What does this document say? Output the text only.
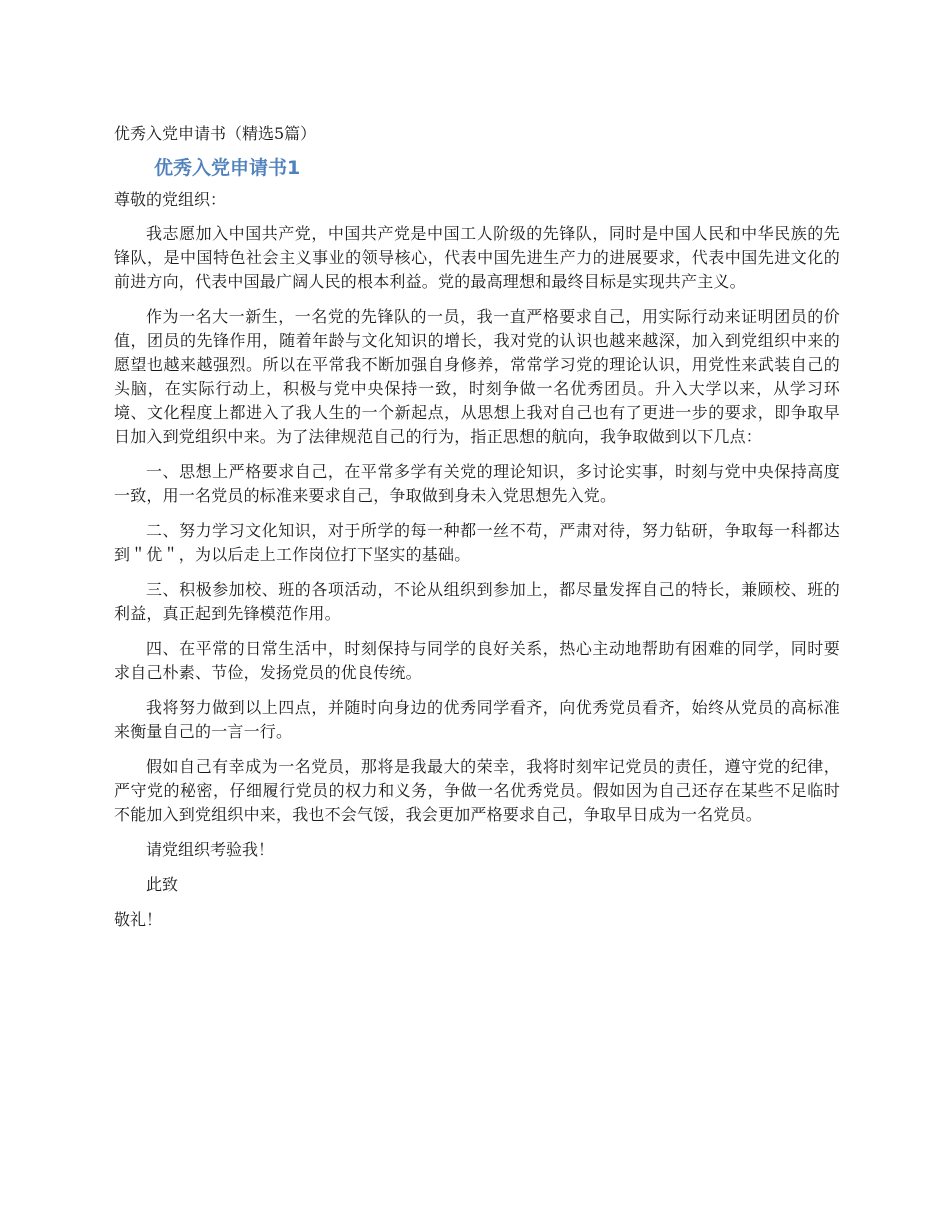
优秀入党申请书（精选5篇）

优秀入党申请书1

尊敬的党组织：

我志愿加入中国共产党，中国共产党是中国工人阶级的先锋队，同时是中国人民和中华民族的先锋队，是中国特色社会主义事业的领导核心，代表中国先进生产力的进展要求，代表中国先进文化的前进方向，代表中国最广阔人民的根本利益。党的最高理想和最终目标是实现共产主义。

作为一名大一新生，一名党的先锋队的一员，我一直严格要求自己，用实际行动来证明团员的价值，团员的先锋作用，随着年龄与文化知识的增长，我对党的认识也越来越深，加入到党组织中来的愿望也越来越强烈。所以在平常我不断加强自身修养，常常学习党的理论认识，用党性来武装自己的头脑，在实际行动上，积极与党中央保持一致，时刻争做一名优秀团员。升入大学以来，从学习环境、文化程度上都进入了我人生的一个新起点，从思想上我对自己也有了更进一步的要求，即争取早日加入到党组织中来。为了法律规范自己的行为，指正思想的航向，我争取做到以下几点：

一、思想上严格要求自己，在平常多学有关党的理论知识，多讨论实事，时刻与党中央保持高度一致，用一名党员的标准来要求自己，争取做到身未入党思想先入党。

二、努力学习文化知识，对于所学的每一种都一丝不苟，严肃对待，努力钻研，争取每一科都达到＂优＂，为以后走上工作岗位打下坚实的基础。

三、积极参加校、班的各项活动，不论从组织到参加上，都尽量发挥自己的特长，兼顾校、班的利益，真正起到先锋模范作用。

四、在平常的日常生活中，时刻保持与同学的良好关系，热心主动地帮助有困难的同学，同时要求自己朴素、节俭，发扬党员的优良传统。

我将努力做到以上四点，并随时向身边的优秀同学看齐，向优秀党员看齐，始终从党员的高标准来衡量自己的一言一行。

假如自己有幸成为一名党员，那将是我最大的荣幸，我将时刻牢记党员的责任，遵守党的纪律，严守党的秘密，仔细履行党员的权力和义务，争做一名优秀党员。假如因为自己还存在某些不足临时不能加入到党组织中来，我也不会气馁，我会更加严格要求自己，争取早日成为一名党员。

请党组织考验我！

此致

敬礼！
